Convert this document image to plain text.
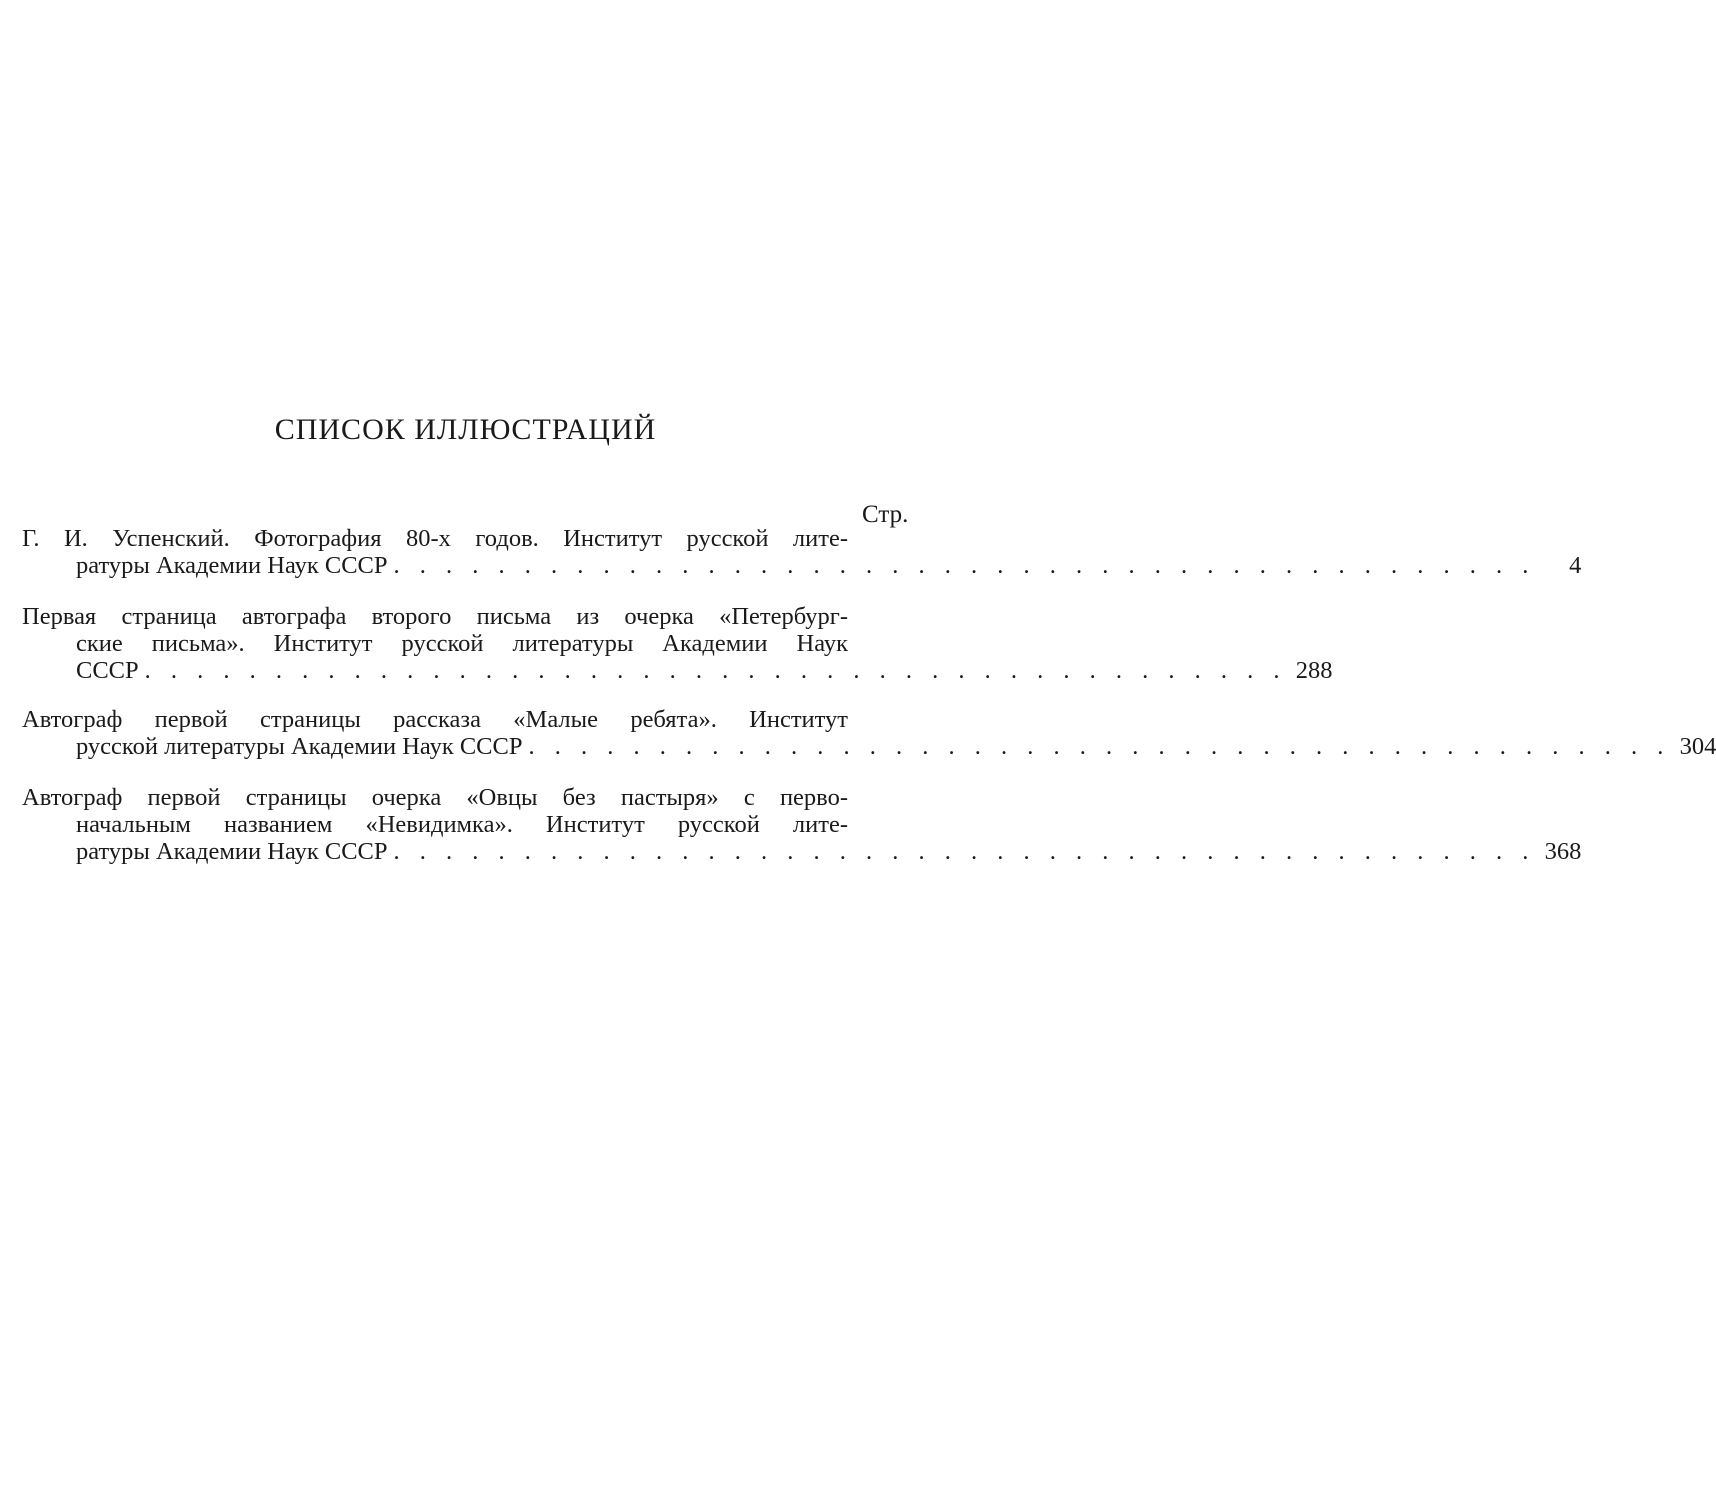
СПИСОК ИЛЛЮСТРАЦИЙ
Стр.
Г. И. Успенский. Фотография 80-х годов. Институт русской лите-
ратуры Академии Наук СССР . . . . . . . . . . . . . . . . . . . . . . . . . . . . . . . . . . . . . . . . . . . .	4
Первая страница автографа второго письма из очерка «Петербург-
ские письма». Институт русской литературы Академии Наук
СССР . . . . . . . . . . . . . . . . . . . . . . . . . . . . . . . . . . . . . . . . . . . . 288
Автограф первой страницы рассказа «Малые ребята». Институт
русской литературы Академии Наук СССР . . . . . . . . . . . . . . . . . . . . . . . . . . . . . . . . . . . . . . . . . . . . 304
Автограф первой страницы очерка «Овцы без пастыря» с перво-
начальным названием «Невидимка». Институт русской лите-
ратуры Академии Наук СССР . . . . . . . . . . . . . . . . . . . . . . . . . . . . . . . . . . . . . . . . . . . . 368
